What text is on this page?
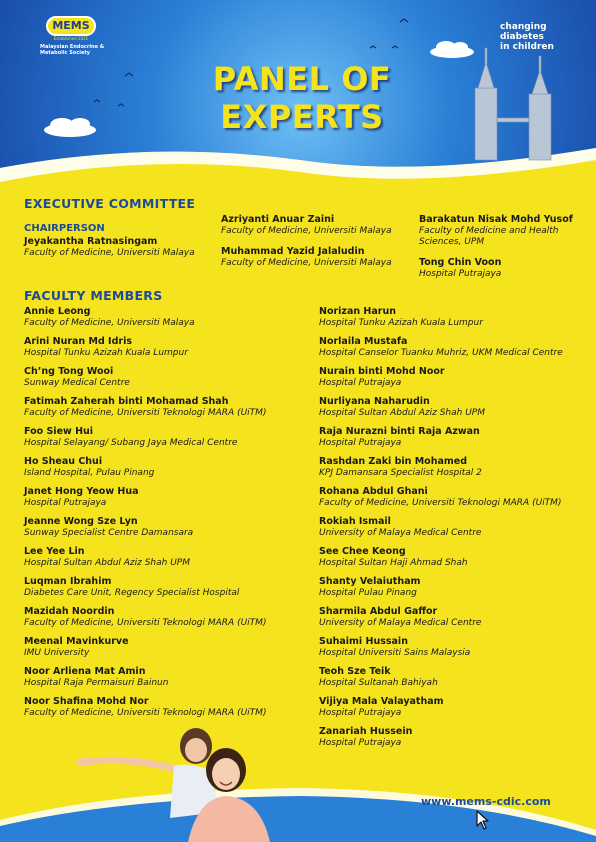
MEMS
Established 2021
Malaysian Endocrine & Metabolic Society
changing
diabetes
in children
PANEL OF
EXPERTS
EXECUTIVE COMMITTEE
CHAIRPERSON
Jeyakantha Ratnasingam
Faculty of Medicine, Universiti Malaya
Azriyanti Anuar Zaini
Faculty of Medicine, Universiti Malaya
Muhammad Yazid Jalaludin
Faculty of Medicine, Universiti Malaya
Barakatun Nisak Mohd Yusof
Faculty of Medicine and Health Sciences, UPM
Tong Chin Voon
Hospital Putrajaya
FACULTY MEMBERS
Annie Leong
Faculty of Medicine, Universiti Malaya
Arini Nuran Md Idris
Hospital Tunku Azizah Kuala Lumpur
Ch’ng Tong Wooi
Sunway Medical Centre
Fatimah Zaherah binti Mohamad Shah
Faculty of Medicine, Universiti Teknologi MARA (UiTM)
Foo Siew Hui
Hospital Selayang/ Subang Jaya Medical Centre
Ho Sheau Chui
Island Hospital, Pulau Pinang
Janet Hong Yeow Hua
Hospital Putrajaya
Jeanne Wong Sze Lyn
Sunway Specialist Centre Damansara
Lee Yee Lin
Hospital Sultan Abdul Aziz Shah UPM
Luqman Ibrahim
Diabetes Care Unit, Regency Specialist Hospital
Mazidah Noordin
Faculty of Medicine, Universiti Teknologi MARA (UiTM)
Meenal Mavinkurve
IMU University
Noor Arliena Mat Amin
Hospital Raja Permaisuri Bainun
Noor Shafina Mohd Nor
Faculty of Medicine, Universiti Teknologi MARA (UiTM)
Norizan Harun
Hospital Tunku Azizah Kuala Lumpur
Norlaila Mustafa
Hospital Canselor Tuanku Muhriz, UKM Medical Centre
Nurain binti Mohd Noor
Hospital Putrajaya
Nurliyana Naharudin
Hospital Sultan Abdul Aziz Shah UPM
Raja Nurazni binti Raja Azwan
Hospital Putrajaya
Rashdan Zaki bin Mohamed
KPJ Damansara Specialist Hospital 2
Rohana Abdul Ghani
Faculty of Medicine, Universiti Teknologi MARA (UiTM)
Rokiah Ismail
University of Malaya Medical Centre
See Chee Keong
Hospital Sultan Haji Ahmad Shah
Shanty Velaiutham
Hospital Pulau Pinang
Sharmila Abdul Gaffor
University of Malaya Medical Centre
Suhaimi Hussain
Hospital Universiti Sains Malaysia
Teoh Sze Teik
Hospital Sultanah Bahiyah
Vijiya Mala Valayatham
Hospital Putrajaya
Zanariah Hussein
Hospital Putrajaya
www.mems-cdic.com
